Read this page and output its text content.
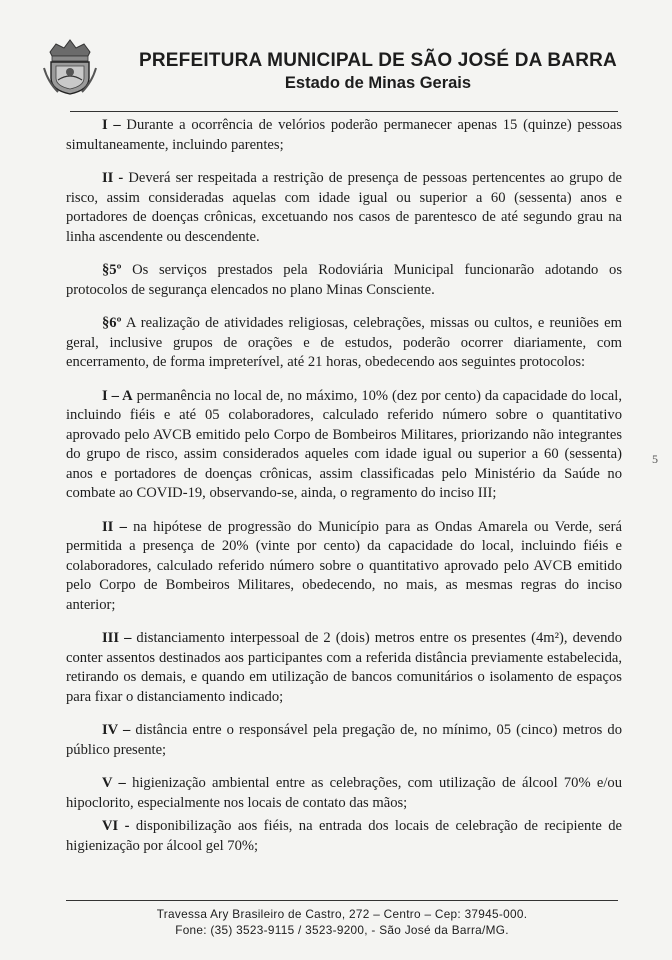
PREFEITURA MUNICIPAL DE SÃO JOSÉ DA BARRA
Estado de Minas Gerais

I – Durante a ocorrência de velórios poderão permanecer apenas 15 (quinze) pessoas simultaneamente, incluindo parentes;

II - Deverá ser respeitada a restrição de presença de pessoas pertencentes ao grupo de risco, assim consideradas aquelas com idade igual ou superior a 60 (sessenta) anos e portadores de doenças crônicas, excetuando nos casos de parentesco de até segundo grau na linha ascendente ou descendente.

§5º Os serviços prestados pela Rodoviária Municipal funcionarão adotando os protocolos de segurança elencados no plano Minas Consciente.

§6º A realização de atividades religiosas, celebrações, missas ou cultos, e reuniões em geral, inclusive grupos de orações e de estudos, poderão ocorrer diariamente, com encerramento, de forma impreterível, até 21 horas, obedecendo aos seguintes protocolos:

I – A permanência no local de, no máximo, 10% (dez por cento) da capacidade do local, incluindo fiéis e até 05 colaboradores, calculado referido número sobre o quantitativo aprovado pelo AVCB emitido pelo Corpo de Bombeiros Militares, priorizando não integrantes do grupo de risco, assim considerados aqueles com idade igual ou superior a 60 (sessenta) anos e portadores de doenças crônicas, assim classificadas pelo Ministério da Saúde no combate ao COVID-19, observando-se, ainda, o regramento do inciso III;

II – na hipótese de progressão do Município para as Ondas Amarela ou Verde, será permitida a presença de 20% (vinte por cento) da capacidade do local, incluindo fiéis e colaboradores, calculado referido número sobre o quantitativo aprovado pelo AVCB emitido pelo Corpo de Bombeiros Militares, obedecendo, no mais, as mesmas regras do inciso anterior;

III – distanciamento interpessoal de 2 (dois) metros entre os presentes (4m²), devendo conter assentos destinados aos participantes com a referida distância previamente estabelecida, retirando os demais, e quando em utilização de bancos comunitários o isolamento de espaços para fixar o distanciamento indicado;

IV – distância entre o responsável pela pregação de, no mínimo, 05 (cinco) metros do público presente;

V – higienização ambiental entre as celebrações, com utilização de álcool 70% e/ou hipoclorito, especialmente nos locais de contato das mãos;

VI - disponibilização aos fiéis, na entrada dos locais de celebração de recipiente de higienização por álcool gel 70%;

5
Travessa Ary Brasileiro de Castro, 272 – Centro – Cep: 37945-000.
Fone: (35) 3523-9115 / 3523-9200, - São José da Barra/MG.
